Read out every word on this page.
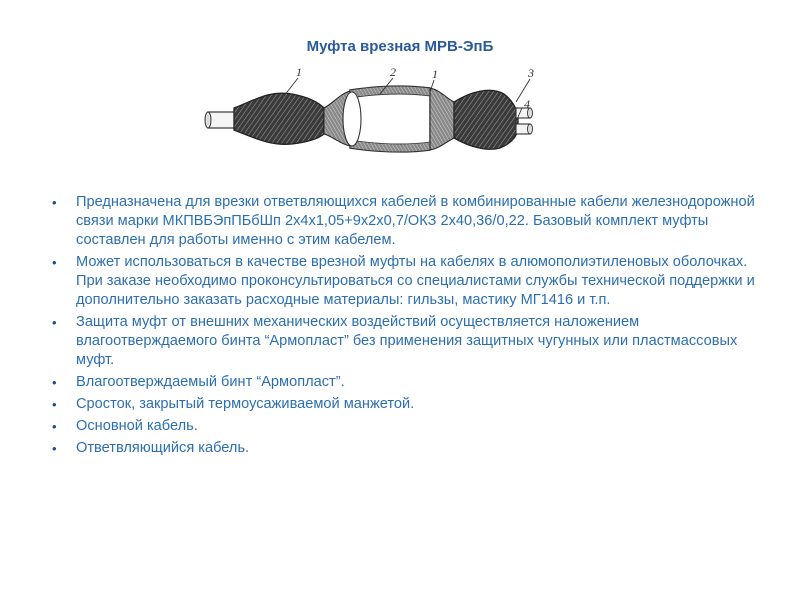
Муфта врезная МРВ-ЭпБ
1	2	1	3
4
• Предназначена для врезки ответвляющихся кабелей в комбинированные кабели железнодорожной связи марки МКПВБЭпПБбШп 2х4х1,05+9х2х0,7/ОКЗ 2х40,36/0,22. Базовый комплект муфты составлен для работы именно с этим кабелем.
• Может использоваться в качестве врезной муфты на кабелях в алюмополиэтиленовых оболочках. При заказе необходимо проконсультироваться со специалистами службы технической поддержки и дополнительно заказать расходные материалы: гильзы, мастику МГ1416 и т.п.
• Защита муфт от внешних механических воздействий осуществляется наложением влагоотверждаемого бинта “Армопласт” без применения защитных чугунных или пластмассовых муфт.
• Влагоотверждаемый бинт “Армопласт”.
• Сросток, закрытый термоусаживаемой манжетой.
• Основной кабель.
• Ответвляющийся кабель.
